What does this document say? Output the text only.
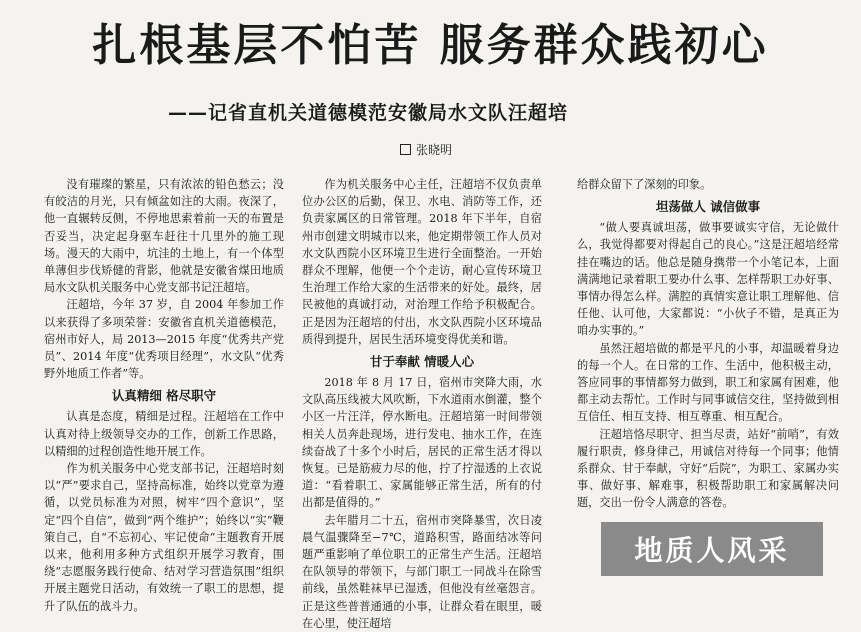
扎根基层不怕苦 服务群众践初心
——记省直机关道德模范安徽局水文队汪超培
张晓明

没有璀璨的繁星，只有浓浓的铅色愁云；没有皎洁的月光，只有倾盆如注的大雨。夜深了，他一直辗转反侧，不停地思索着前一天的布置是否妥当，决定起身驱车赶往十几里外的施工现场。漫天的大雨中，坑洼的土地上，有一个体型单薄但步伐矫健的背影，他就是安徽省煤田地质局水文队机关服务中心党支部书记汪超培。

汪超培，今年 37 岁，自 2004 年参加工作以来获得了多项荣誉：安徽省直机关道德模范，宿州市好人，局 2013—2015 年度“优秀共产党员”、2014 年度“优秀项目经理”，水文队“优秀野外地质工作者”等。

认真精细 格尽职守

认真是态度，精细是过程。汪超培在工作中认真对待上级领导交办的工作，创新工作思路，以精细的过程创造性地开展工作。

作为机关服务中心党支部书记，汪超培时刻以“严”要求自己，坚持高标准，始终以党章为遵循，以党员标准为对照，树牢“四个意识”，坚定“四个自信”，做到“两个维护”；始终以“实”鞭策自己，自“不忘初心、牢记使命”主题教育开展以来，他利用多种方式组织开展学习教育，围绕“志愿服务践行使命、结对学习营造氛围”组织开展主题党日活动，有效统一了职工的思想，提升了队伍的战斗力。

作为机关服务中心主任，汪超培不仅负责单位办公区的后勤，保卫、水电、消防等工作，还负责家属区的日常管理。2018 年下半年，自宿州市创建文明城市以来，他定期带领工作人员对水文队西院小区环境卫生进行全面整治。一开始群众不理解，他便一个个走访，耐心宣传环境卫生治理工作给大家的生活带来的好处。最终，居民被他的真诚打动，对治理工作给予积极配合。正是因为汪超培的付出，水文队西院小区环境品质得到提升，居民生活环境变得优美和谐。

甘于奉献 情暖人心

2018 年 8 月 17 日，宿州市突降大雨，水文队高压线被大风吹断，下水道雨水倒灌，整个小区一片汪洋，停水断电。汪超培第一时间带领相关人员奔赴现场，进行发电、抽水工作，在连续奋战了十多个小时后，居民的正常生活才得以恢复。已是筋疲力尽的他，拧了拧湿透的上衣说道：“看着职工、家属能够正常生活，所有的付出都是值得的。”

去年腊月二十五，宿州市突降暴雪，次日凌晨气温骤降至−7℃，道路积雪，路面结冰等问题严重影响了单位职工的正常生产生活。汪超培在队领导的带领下，与部门职工一同战斗在除雪前线，虽然鞋袜早已湿透，但他没有丝毫怨言。正是这些普普通通的小事，让群众看在眼里，暖在心里，使汪超培

给群众留下了深刻的印象。

坦荡做人 诚信做事

“做人要真诚坦荡，做事要诚实守信，无论做什么，我觉得都要对得起自己的良心。”这是汪超培经常挂在嘴边的话。他总是随身携带一个小笔记本，上面满满地记录着职工要办什么事、怎样帮职工办好事、事情办得怎么样。满腔的真情实意让职工理解他、信任他、认可他，大家都说：“小伙子不错，是真正为咱办实事的。”

虽然汪超培做的都是平凡的小事，却温暖着身边的每一个人。在日常的工作、生活中，他积极主动，答应同事的事情都努力做到，职工和家属有困难，他都主动去帮忙。工作时与同事诚信交往，坚持做到相互信任、相互支持、相互尊重、相互配合。

汪超培恪尽职守、担当尽责，站好“前哨”，有效履行职责，修身律己，用诚信对待每一个同事；他情系群众、甘于奉献，守好“后院”，为职工、家属办实事、做好事、解难事，积极帮助职工和家属解决问题，交出一份令人满意的答卷。

地质人风采
